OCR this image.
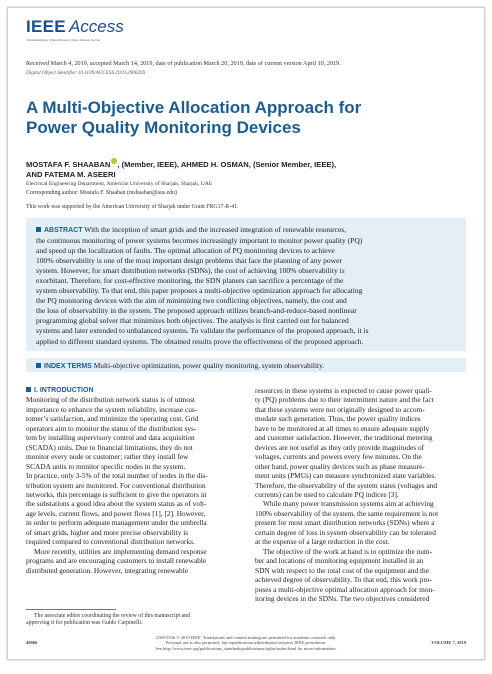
IEEE Access
Multidisciplinary | Rapid Review | Open Access Journal
Received March 4, 2019, accepted March 14, 2019, date of publication March 20, 2019, date of current version April 10, 2019.
Digital Object Identifier 10.1109/ACCESS.2019.2906269
A Multi-Objective Allocation Approach for
Power Quality Monitoring Devices
MOSTAFA F. SHAABAN , (Member, IEEE), AHMED H. OSMAN, (Senior Member, IEEE),
AND FATEMA M. ASEERI
Electrical Engineering Department, American University of Sharjah, Sharjah, UAE
Corresponding author: Mostafa F. Shaaban (mshaaban@aus.edu)
This work was supported by the American University of Sharjah under Grant FRG17-R-41.
ABSTRACT With the inception of smart grids and the increased integration of renewable resources,
the continuous monitoring of power systems becomes increasingly important to monitor power quality (PQ)
and speed up the localization of faults. The optimal allocation of PQ monitoring devices to achieve
100% observability is one of the most important design problems that face the planning of any power
system. However, for smart distribution networks (SDNs), the cost of achieving 100% observability is
exorbitant. Therefore, for cost-effective monitoring, the SDN planers can sacrifice a percentage of the
system observability. To that end, this paper proposes a multi-objective optimization approach for allocating
the PQ monitoring devices with the aim of minimizing two conflicting objectives, namely, the cost and
the loss of observability in the system. The proposed approach utilizes branch-and-reduce-based nonlinear
programming global solver that minimizes both objectives. The analysis is first carried out for balanced
systems and later extended to unbalanced systems. To validate the performance of the proposed approach, it is
applied to different standard systems. The obtained results prove the effectiveness of the proposed approach.
INDEX TERMS Multi-objective optimization, power quality monitoring, system observability.
I. INTRODUCTION
Monitoring of the distribution network status is of utmost
importance to enhance the system reliability, increase cus-
tomer’s satisfaction, and minimize the operating cost. Grid
operators aim to monitor the status of the distribution sys-
tem by installing supervisory control and data acquisition
(SCADA) units. Due to financial limitations, they do not
monitor every node or customer; rather they install few
SCADA units to monitor specific nodes in the system.
In practice, only 3-5% of the total number of nodes in the dis-
tribution system are monitored. For conventional distribution
networks, this percentage is sufficient to give the operators in
the substations a good idea about the system status as of volt-
age levels, current flows, and power flows [1], [2]. However,
in order to perform adequate management under the umbrella
of smart grids, higher and more precise observability is
required compared to conventional distribution networks.
More recently, utilities are implementing demand response
programs and are encouraging customers to install renewable
distributed generation. However, integrating renewable
resources in these systems is expected to cause power quali-
ty (PQ) problems due to their intermittent nature and the fact
that these systems were not originally designed to accom-
modate such generation. Thus, the power quality indices
have to be monitored at all times to ensure adequate supply
and customer satisfaction. However, the traditional metering
devices are not useful as they only provide magnitudes of
voltages, currents and powers every few minutes. On the
other hand, power quality devices such as phase measure-
ment units (PMUs) can measure synchronized state variables.
Therefore, the observability of the system states (voltages and
currents) can be used to calculate PQ indices [3].
While many power transmission systems aim at achieving
100% observability of the system, the same requirement is not
present for most smart distribution networks (SDNs) where a
certain degree of loss in system observability can be tolerated
at the expense of a large reduction in the cost.
The objective of the work at hand is to optimize the num-
ber and locations of monitoring equipment installed in an
SDN with respect to the total cost of the equipment and the
achieved degree of observability. To that end, this work pro-
poses a multi-objective optimal allocation approach for mon-
itoring devices in the SDNs. The two objectives considered
The associate editor coordinating the review of this manuscript and
approving it for publication was Guido Carpinelli.
40866
2169-3536 © 2019 IEEE. Translations and content mining are permitted for academic research only.
Personal use is also permitted, but republication/redistribution requires IEEE permission.
See http://www.ieee.org/publications_standards/publications/rights/index.html for more information.
VOLUME 7, 2019
